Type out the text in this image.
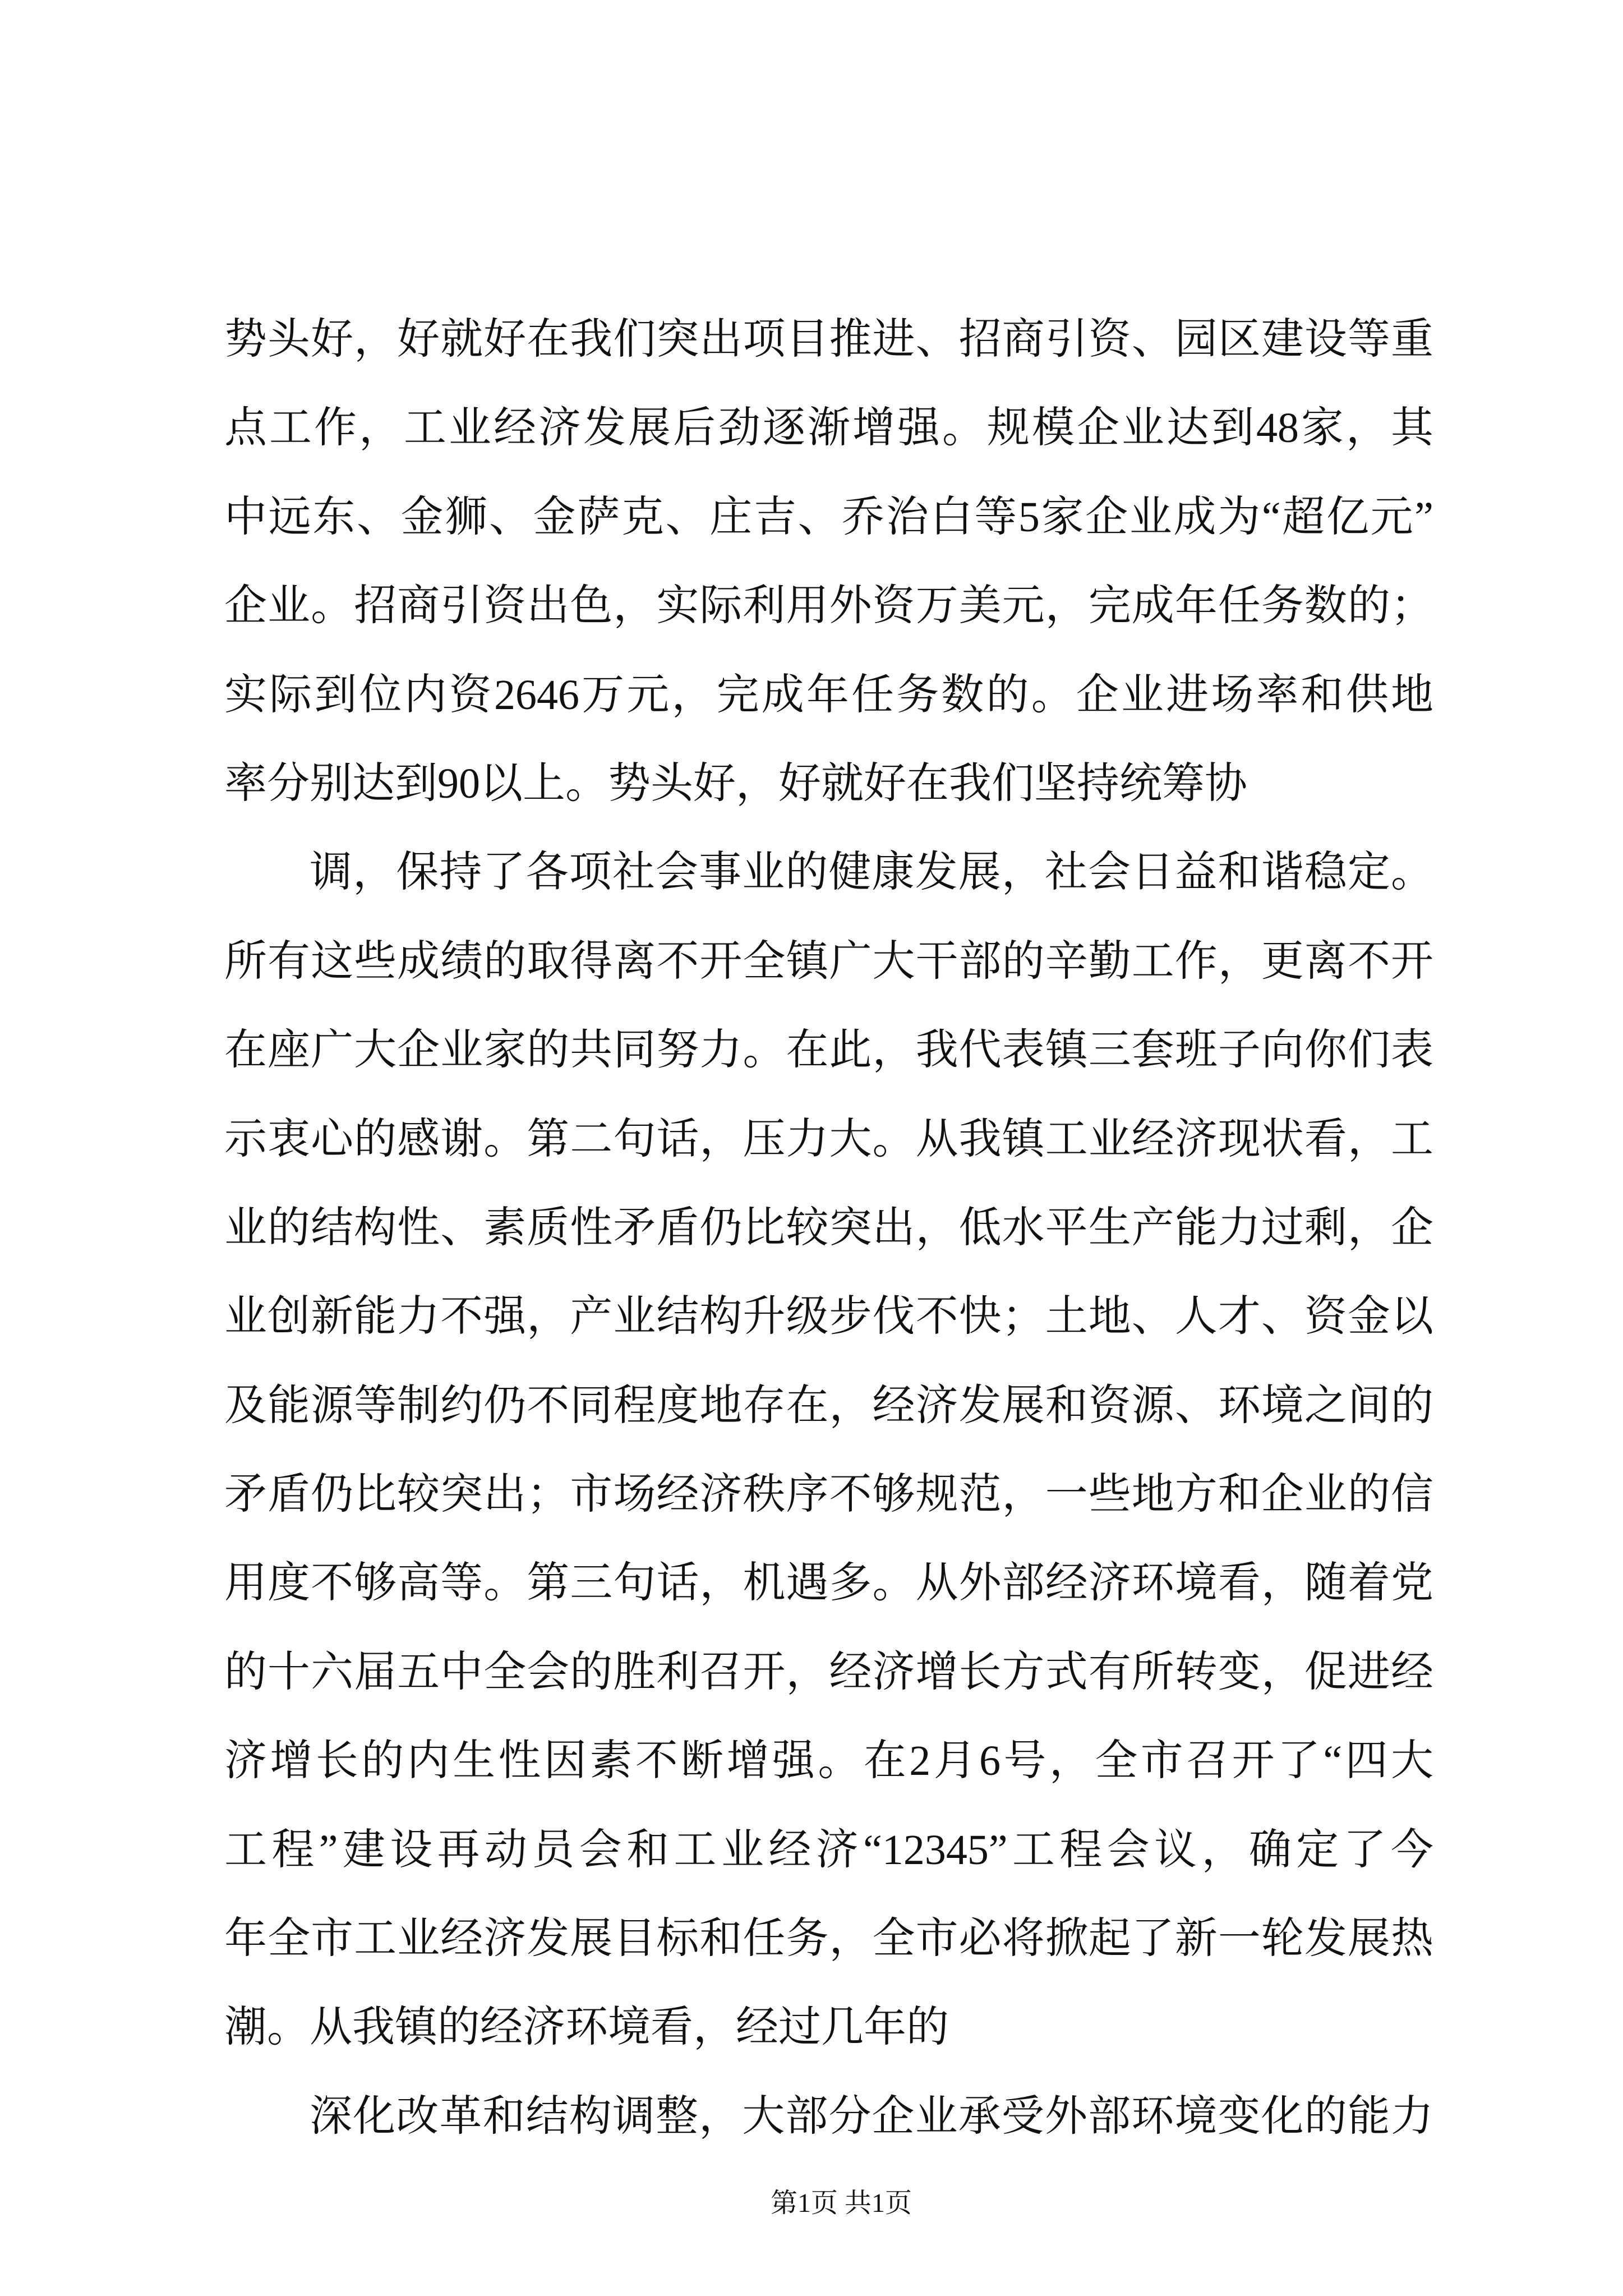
势头好，好就好在我们突出项目推进、招商引资、园区建设等重
点工作，工业经济发展后劲逐渐增强。规模企业达到48家，其
中远东、金狮、金萨克、庄吉、乔治白等5家企业成为“超亿元”
企业。招商引资出色，实际利用外资万美元，完成年任务数的；
实际到位内资2646万元，完成年任务数的。企业进场率和供地
率分别达到90以上。势头好，好就好在我们坚持统筹协
调，保持了各项社会事业的健康发展，社会日益和谐稳定。
所有这些成绩的取得离不开全镇广大干部的辛勤工作，更离不开
在座广大企业家的共同努力。在此，我代表镇三套班子向你们表
示衷心的感谢。第二句话，压力大。从我镇工业经济现状看，工
业的结构性、素质性矛盾仍比较突出，低水平生产能力过剩，企
业创新能力不强，产业结构升级步伐不快；土地、人才、资金以
及能源等制约仍不同程度地存在，经济发展和资源、环境之间的
矛盾仍比较突出；市场经济秩序不够规范，一些地方和企业的信
用度不够高等。第三句话，机遇多。从外部经济环境看，随着党
的十六届五中全会的胜利召开，经济增长方式有所转变，促进经
济增长的内生性因素不断增强。在2月6号，全市召开了“四大
工程”建设再动员会和工业经济“12345”工程会议，确定了今
年全市工业经济发展目标和任务，全市必将掀起了新一轮发展热
潮。从我镇的经济环境看，经过几年的
深化改革和结构调整，大部分企业承受外部环境变化的能力
第1页 共1页
